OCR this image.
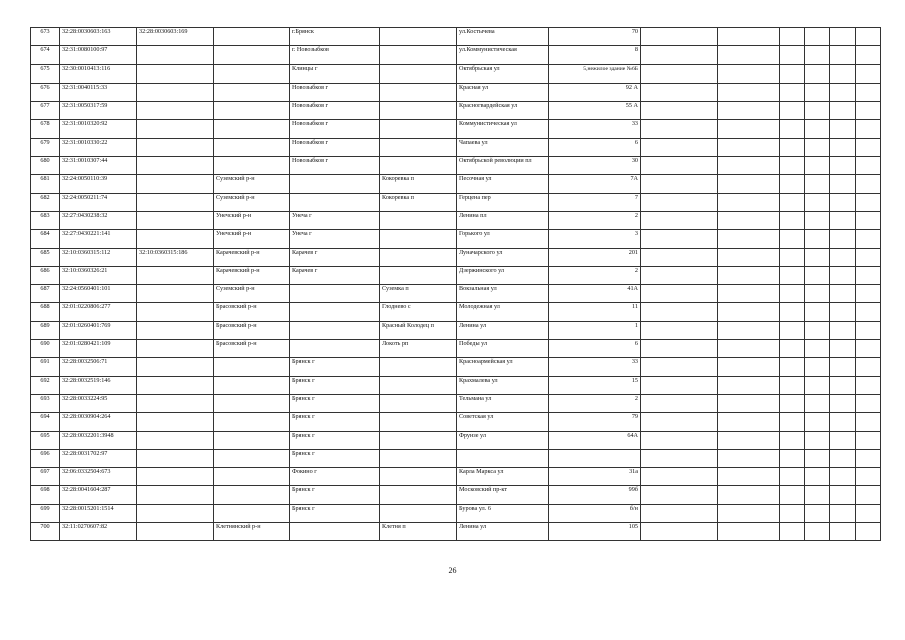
673	32:28:0030603:163	32:28:0030603:169		г.Брянск		ул.Костычева	70						
674	32:31:0080100:97			г. Новозыбков		ул.Коммунистическая	8						
675	32:30:0010413:116			Клинцы г		Октябрьская ул	5,нежилое здание №6Б						
676	32:31:0040115:33			Новозыбков г		Красная ул	92 А						
677	32:31:0050317:59			Новозыбков г		Красногвардейская ул	55 А						
678	32:31:0010320:92			Новозыбков г		Коммунистическая ул	33						
679	32:31:0010330:22			Новозыбков г		Чапаева ул	6						
680	32:31:0010307:44			Новозыбков г		Октябрьской революции пл	30						
681	32:24:0050110:39		Суземский р-н		Кокоревка п	Песочная ул	7А						
682	32:24:0050211:74		Суземский р-н		Кокоревка п	Герцена пер	7						
683	32:27:0430238:32		Унечский р-н	Унеча г		Ленина пл	2						
684	32:27:0430221:141		Унечский р-н	Унеча г		Горького ул	3						
685	32:10:0360315:112	32:10:0360315:186	Карачевский р-н	Карачев г		Луначарского ул	201						
686	32:10:0360326:21		Карачевский р-н	Карачев г		Дзержинского ул	2						
687	32:24:0560401:101		Суземский р-н		Суземка п	Вокзальная ул	41А						
688	32:01:0220806:277		Брасовский р-н		Глоднево с	Молодежная ул	11						
689	32:01:0260401:769		Брасовский р-н		Красный Колодец п	Ленина ул	1						
690	32:01:0280421:109		Брасовский р-н		Локоть рп	Победы ул	6						
691	32:28:0032506:71			Брянск г		Красноармейская ул	33						
692	32:28:0032519:146			Брянск г		Крахмалева ул	15						
693	32:28:0033224:95			Брянск г		Тельмана ул	2						
694	32:28:0030904:264			Брянск г		Советская ул	79						
695	32:28:0032201:3948			Брянск г		Фрунзе ул	64А						
696	32:28:0031702:97			Брянск г									
697	32:06:0332504:673			Фокино г		Карла Маркса ул	31а						
698	32:28:0041604:287			Брянск г		Московский пр-кт	99б						
699	32:28:0015201:1514			Брянск г		Бурова ул. 6	б/н						
700	32:11:0270607:82		Клетнянский р-н		Клетня п	Ленина ул	105						
26
